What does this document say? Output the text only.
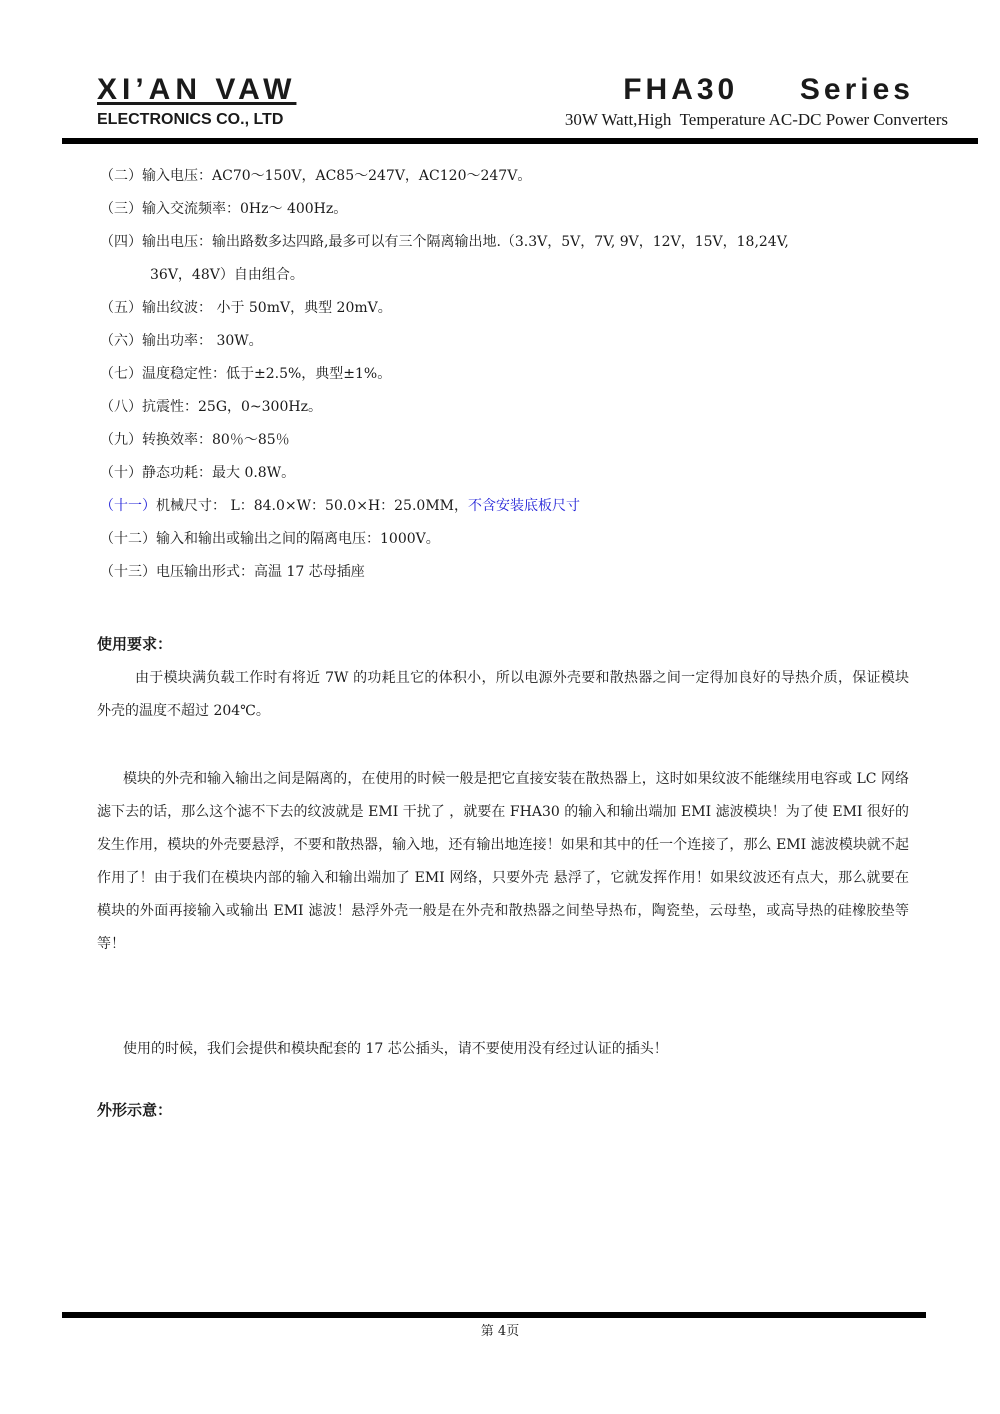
XI’AN VAW
ELECTRONICS CO., LTD
FHA30     Series
30W Watt,High  Temperature AC-DC Power Converters
（二）输入电压：AC70～150V，AC85～247V，AC120～247V。
（三）输入交流频率：0Hz～ 400Hz。
（四）输出电压：输出路数多达四路,最多可以有三个隔离输出地.（3.3V，5V，7V, 9V，12V，15V，18,24V,
36V，48V）自由组合。
（五）输出纹波： 小于 50mV，典型 20mV。
（六）输出功率： 30W。
（七）温度稳定性：低于±2.5%，典型±1%。
（八）抗震性：25G，0~300Hz。
（九）转换效率：80％～85％
（十）静态功耗：最大 0.8W。
（十一）机械尺寸： L：84.0×W：50.0×H：25.0MM，不含安装底板尺寸
（十二）输入和输出或输出之间的隔离电压：1000V。
（十三）电压输出形式：高温 17 芯母插座
使用要求：

由于模块满负载工作时有将近 7W 的功耗且它的体积小，所以电源外壳要和散热器之间一定得加良好的导热介质，保证模块外壳的温度不超过 204℃。

模块的外壳和输入输出之间是隔离的，在使用的时候一般是把它直接安装在散热器上，这时如果纹波不能继续用电容或 LC 网络滤下去的话，那么这个滤不下去的纹波就是 EMI 干扰了 ，就要在 FHA30 的输入和输出端加 EMI 滤波模块！为了使 EMI 很好的发生作用，模块的外壳要悬浮，不要和散热器，输入地，还有输出地连接！如果和其中的任一个连接了，那么 EMI 滤波模块就不起作用了！由于我们在模块内部的输入和输出端加了 EMI 网络，只要外壳 悬浮了，它就发挥作用！如果纹波还有点大，那么就要在模块的外面再接输入或输出 EMI 滤波！悬浮外壳一般是在外壳和散热器之间垫导热布，陶瓷垫，云母垫，或高导热的硅橡胶垫等等！

使用的时候，我们会提供和模块配套的 17 芯公插头，请不要使用没有经过认证的插头！

外形示意：
第 4页
